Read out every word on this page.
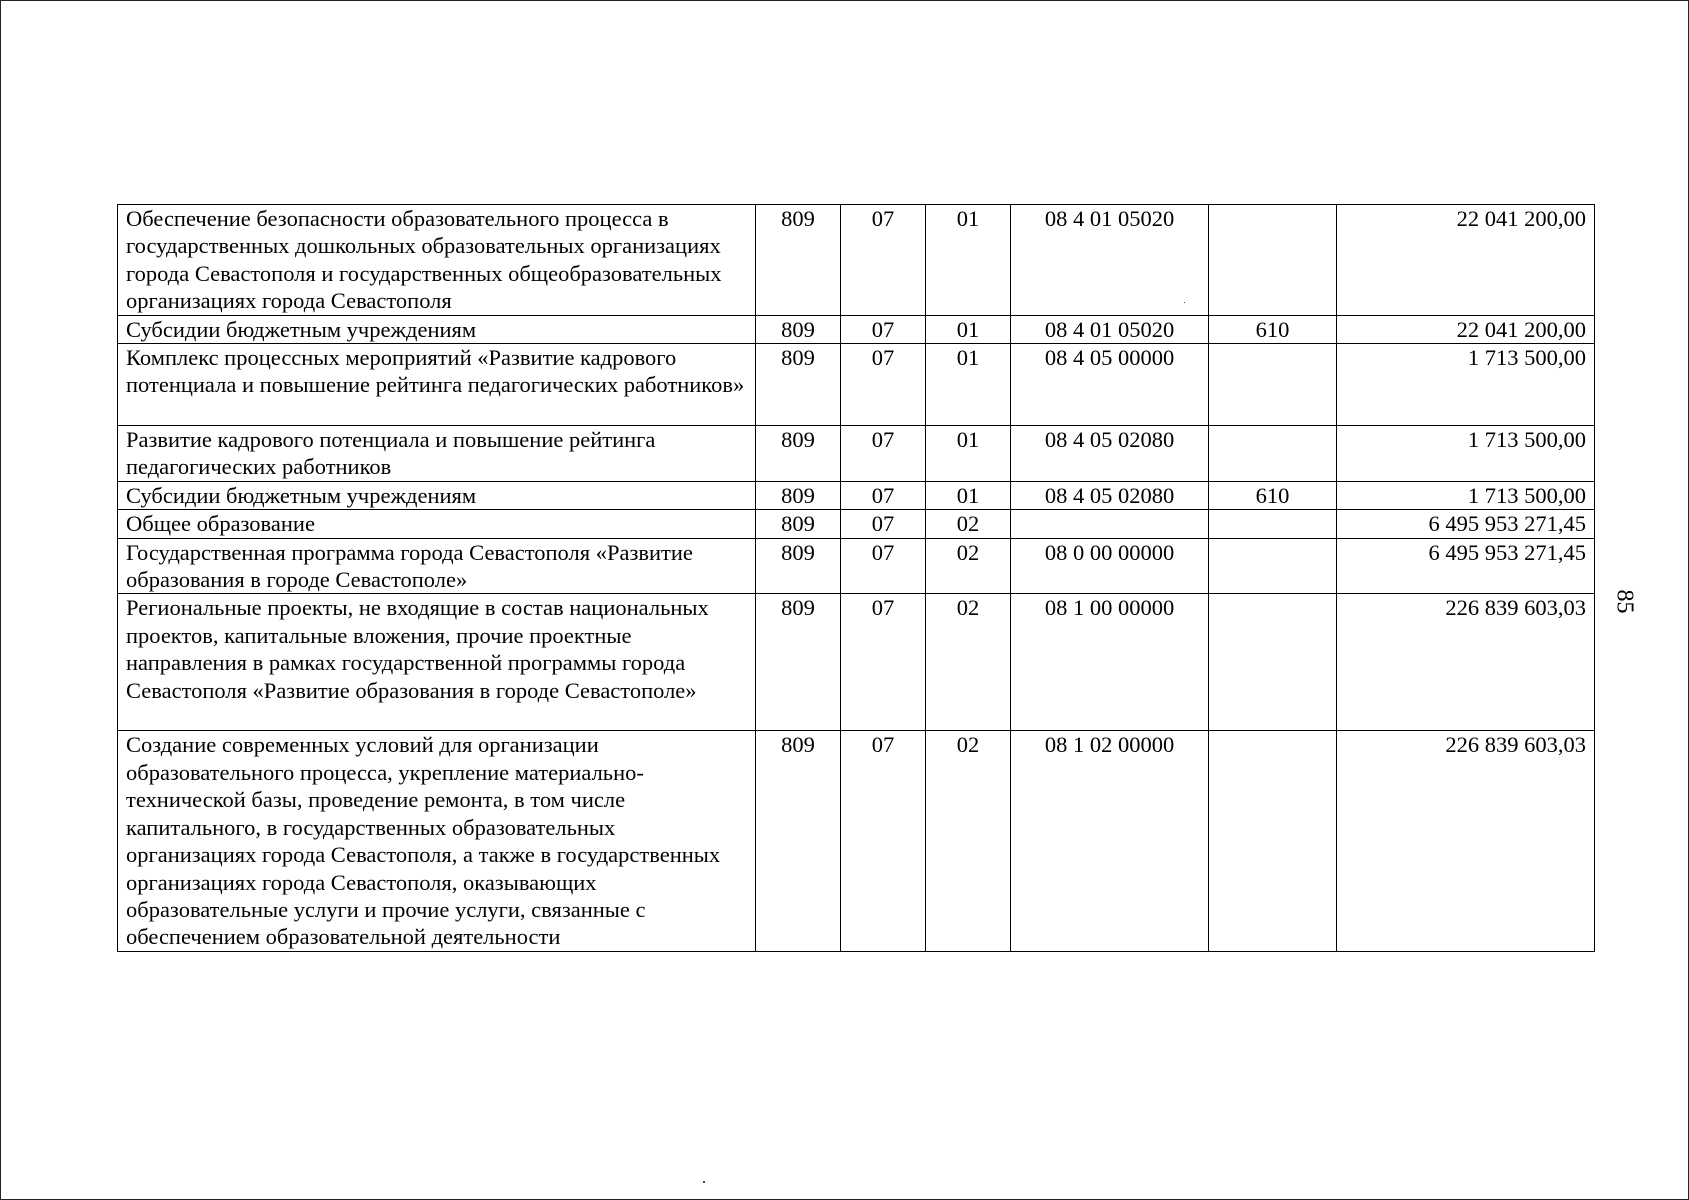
Обеспечение безопасности образовательного процесса в государственных дошкольных образовательных организациях города Севастополя и государственных общеобразовательных организациях города Севастополя	809	07	01	08 4 01 05020		22 041 200,00
Субсидии бюджетным учреждениям	809	07	01	08 4 01 05020	610	22 041 200,00
Комплекс процессных мероприятий «Развитие кадрового потенциала и повышение рейтинга педагогических работников»	809	07	01	08 4 05 00000		1 713 500,00
Развитие кадрового потенциала и повышение рейтинга педагогических работников	809	07	01	08 4 05 02080		1 713 500,00
Субсидии бюджетным учреждениям	809	07	01	08 4 05 02080	610	1 713 500,00
Общее образование	809	07	02			6 495 953 271,45
Государственная программа города Севастополя «Развитие образования в городе Севастополе»	809	07	02	08 0 00 00000		6 495 953 271,45
Региональные проекты, не входящие в состав национальных проектов, капитальные вложения, прочие проектные направления в рамках государственной программы города Севастополя «Развитие образования в городе Севастополе»	809	07	02	08 1 00 00000		226 839 603,03
Создание современных условий для организации образовательного процесса, укрепление материально-технической базы, проведение ремонта, в том числе капитального, в государственных образовательных организациях города Севастополя, а также в государственных организациях города Севастополя, оказывающих образовательные услуги и прочие услуги, связанные с обеспечением образовательной деятельности	809	07	02	08 1 02 00000		226 839 603,03
85
